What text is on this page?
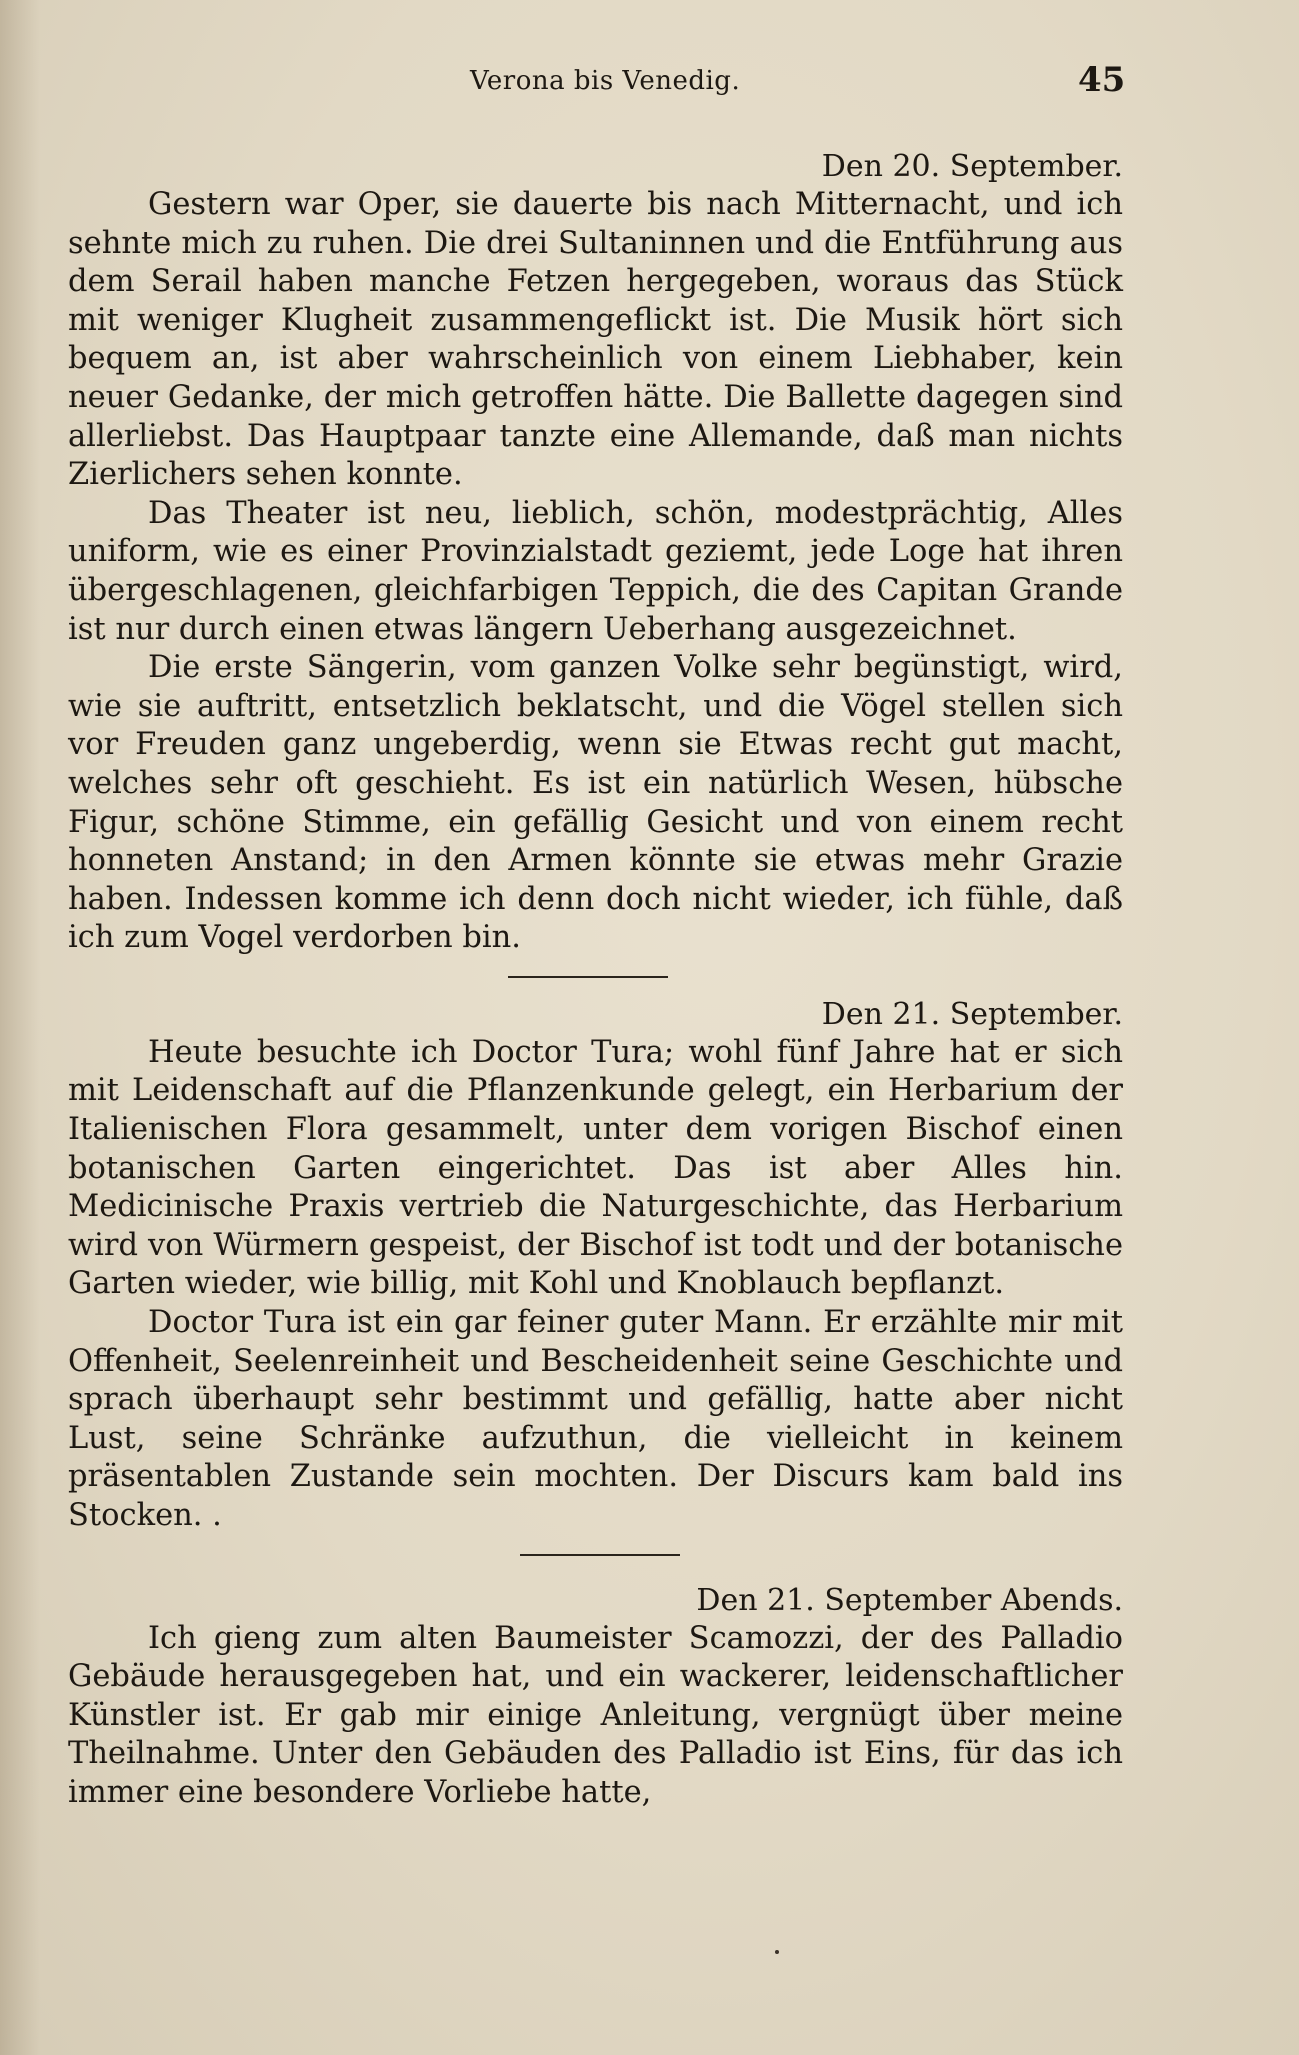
Verona bis Venedig.	45
Den 20. September.

Gestern war Oper, sie dauerte bis nach Mitternacht, und ich sehnte mich zu ruhen. Die drei Sultaninnen und die Entführung aus dem Serail haben manche Fetzen hergegeben, woraus das Stück mit weniger Klugheit zusammengeflickt ist. Die Musik hört sich bequem an, ist aber wahrscheinlich von einem Liebhaber, kein neuer Gedanke, der mich getroffen hätte. Die Ballette dagegen sind allerliebst. Das Hauptpaar tanzte eine Allemande, daß man nichts Zierlichers sehen konnte.

Das Theater ist neu, lieblich, schön, modestprächtig, Alles uniform, wie es einer Provinzialstadt geziemt, jede Loge hat ihren übergeschlagenen, gleichfarbigen Teppich, die des Capitan Grande ist nur durch einen etwas längern Ueberhang ausgezeichnet.

Die erste Sängerin, vom ganzen Volke sehr begünstigt, wird, wie sie auftritt, entsetzlich beklatscht, und die Vögel stellen sich vor Freuden ganz ungeberdig, wenn sie Etwas recht gut macht, welches sehr oft geschieht. Es ist ein natürlich Wesen, hübsche Figur, schöne Stimme, ein gefällig Gesicht und von einem recht honneten Anstand; in den Armen könnte sie etwas mehr Grazie haben. Indessen komme ich denn doch nicht wieder, ich fühle, daß ich zum Vogel verdorben bin.

Den 21. September.

Heute besuchte ich Doctor Tura; wohl fünf Jahre hat er sich mit Leidenschaft auf die Pflanzenkunde gelegt, ein Herbarium der Italienischen Flora gesammelt, unter dem vorigen Bischof einen botanischen Garten eingerichtet. Das ist aber Alles hin. Medicinische Praxis vertrieb die Naturgeschichte, das Herbarium wird von Würmern gespeist, der Bischof ist todt und der botanische Garten wieder, wie billig, mit Kohl und Knoblauch bepflanzt.

Doctor Tura ist ein gar feiner guter Mann. Er erzählte mir mit Offenheit, Seelenreinheit und Bescheidenheit seine Geschichte und sprach überhaupt sehr bestimmt und gefällig, hatte aber nicht Lust, seine Schränke aufzuthun, die vielleicht in keinem präsentablen Zustande sein mochten. Der Discurs kam bald ins Stocken. .

Den 21. September Abends.

Ich gieng zum alten Baumeister Scamozzi, der des Palladio Gebäude herausgegeben hat, und ein wackerer, leidenschaftlicher Künstler ist. Er gab mir einige Anleitung, vergnügt über meine Theilnahme. Unter den Gebäuden des Palladio ist Eins, für das ich immer eine besondere Vorliebe hatte,
